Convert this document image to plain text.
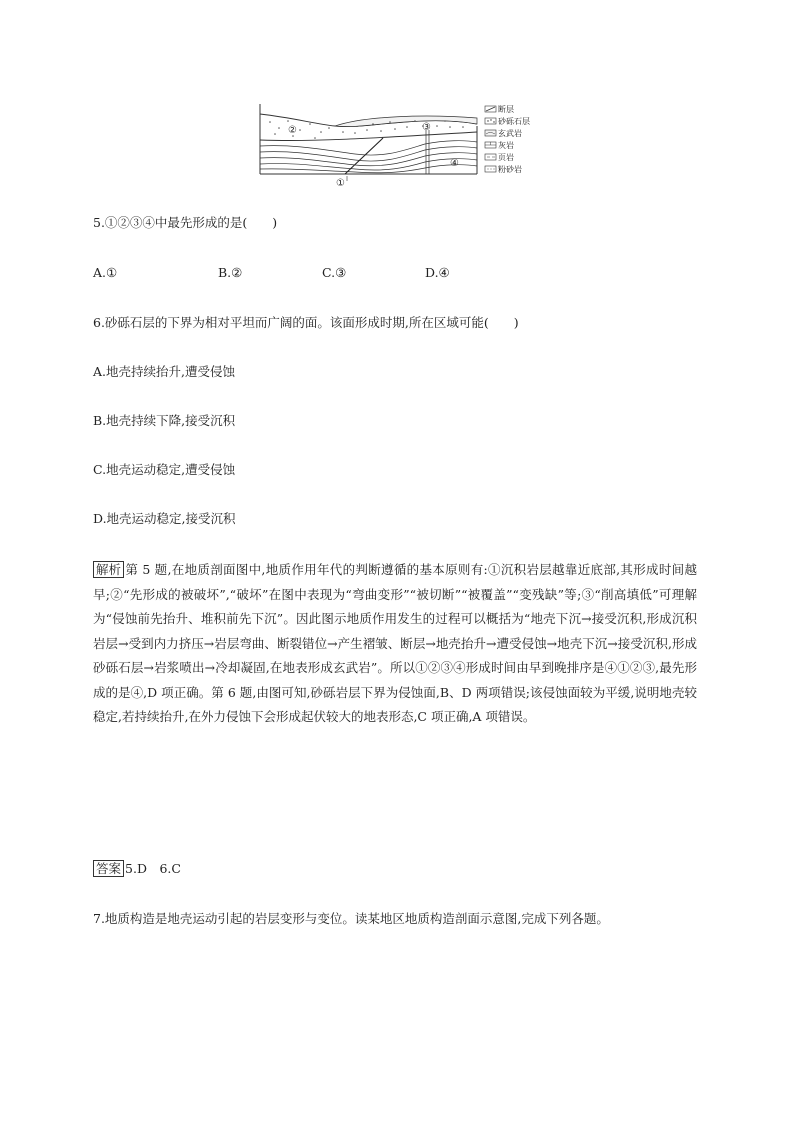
②	③
④
①
断层
砂砾石层
玄武岩
灰岩
页岩
粉砂岩
5.①②③④中最先形成的是(　　)
A.①	B.②	C.③	D.④
6.砂砾石层的下界为相对平坦而广阔的面。该面形成时期,所在区域可能(　　)
A.地壳持续抬升,遭受侵蚀
B.地壳持续下降,接受沉积
C.地壳运动稳定,遭受侵蚀
D.地壳运动稳定,接受沉积
解析 第 5 题,在地质剖面图中,地质作用年代的判断遵循的基本原则有:①沉积岩层越靠近底部,其形成时间越早;②“先形成的被破坏”,“破坏”在图中表现为“弯曲变形”“被切断”“被覆盖”“变残缺”等;③“削高填低”可理解为“侵蚀前先抬升、堆积前先下沉”。因此图示地质作用发生的过程可以概括为“地壳下沉→接受沉积,形成沉积岩层→受到内力挤压→岩层弯曲、断裂错位→产生褶皱、断层→地壳抬升→遭受侵蚀→地壳下沉→接受沉积,形成砂砾石层→岩浆喷出→冷却凝固,在地表形成玄武岩”。所以①②③④形成时间由早到晚排序是④①②③,最先形成的是④,D 项正确。第 6 题,由图可知,砂砾岩层下界为侵蚀面,B、D 两项错误;该侵蚀面较为平缓,说明地壳较稳定,若持续抬升,在外力侵蚀下会形成起伏较大的地表形态,C 项正确,A 项错误。
答案 5.D　6.C
7.地质构造是地壳运动引起的岩层变形与变位。读某地区地质构造剖面示意图,完成下列各题。
